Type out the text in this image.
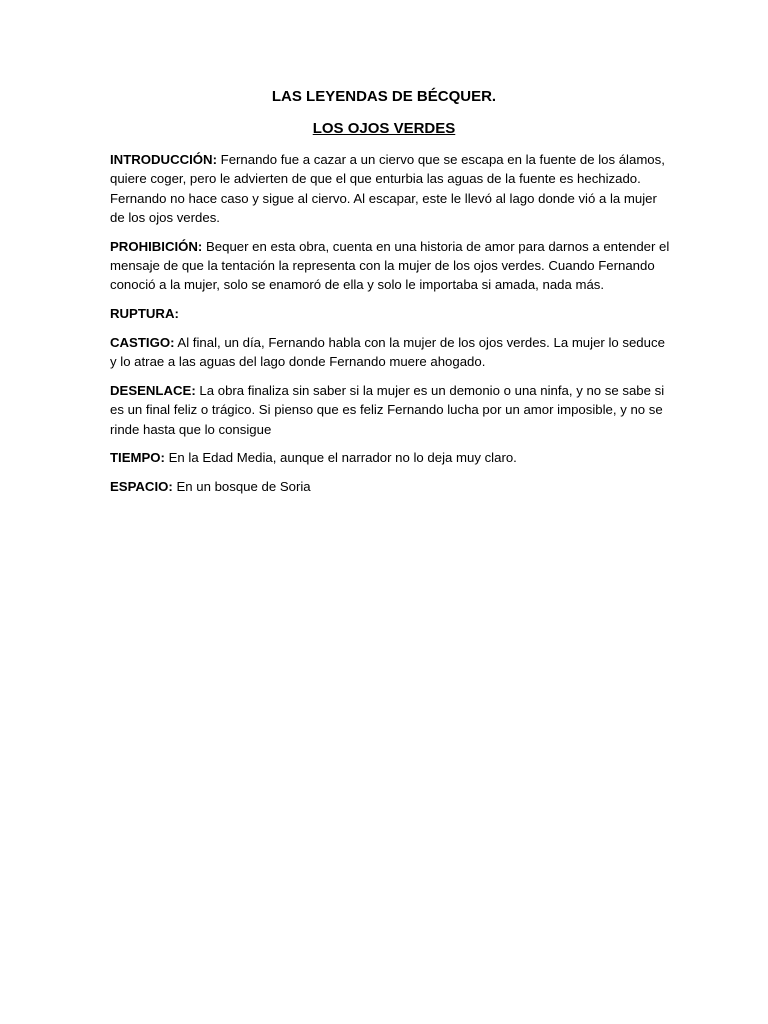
LAS LEYENDAS DE BÉCQUER.
LOS OJOS VERDES

INTRODUCCIÓN: Fernando fue a cazar a un ciervo que se escapa en la fuente de los álamos, quiere coger, pero le advierten de que el que enturbia las aguas de la fuente es hechizado. Fernando no hace caso y sigue al ciervo. Al escapar, este le llevó al lago donde vió a la mujer de los ojos verdes.

PROHIBICIÓN: Bequer en esta obra, cuenta en una historia de amor para darnos a entender el mensaje de que la tentación la representa con la mujer de los ojos verdes. Cuando Fernando conoció a la mujer, solo se enamoró de ella y solo le importaba si amada, nada más.

RUPTURA:

CASTIGO: Al final, un día, Fernando habla con la mujer de los ojos verdes. La mujer lo seduce y lo atrae a las aguas del lago donde Fernando muere ahogado.

DESENLACE: La obra finaliza sin saber si la mujer es un demonio o una ninfa, y no se sabe si es un final feliz o trágico. Si pienso que es feliz Fernando lucha por un amor imposible, y no se rinde hasta que lo consigue

TIEMPO: En la Edad Media, aunque el narrador no lo deja muy claro.

ESPACIO: En un bosque de Soria
